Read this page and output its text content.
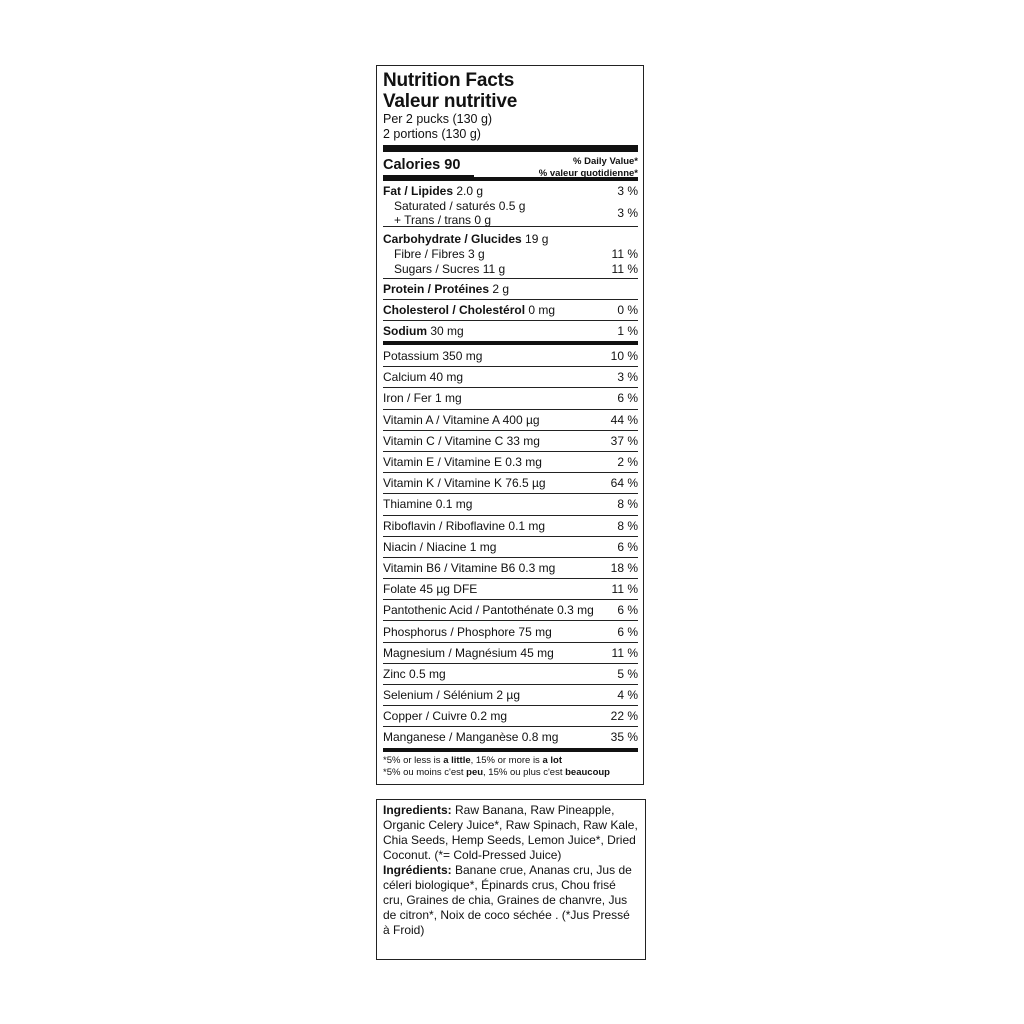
Nutrition Facts
Valeur nutritive
Per 2 pucks (130 g)
2 portions (130 g)
Calories 90	% Daily Value*
% valeur quotidienne*
Fat / Lipides 2.0 g	3 %
Saturated / saturés 0.5 g
+ Trans / trans 0 g	3 %
Carbohydrate / Glucides 19 g
Fibre / Fibres 3 g	11 %
Sugars / Sucres 11 g	11 %
Protein / Protéines 2 g
Cholesterol / Cholestérol 0 mg	0 %
Sodium 30 mg	1 %
Potassium 350 mg	10 %
Calcium 40 mg	3 %
Iron / Fer 1 mg	6 %
Vitamin A / Vitamine A 400 µg	44 %
Vitamin C / Vitamine C 33 mg	37 %
Vitamin E / Vitamine E 0.3 mg	2 %
Vitamin K / Vitamine K 76.5 µg	64 %
Thiamine 0.1 mg	8 %
Riboflavin / Riboflavine 0.1 mg	8 %
Niacin / Niacine 1 mg	6 %
Vitamin B6 / Vitamine B6 0.3 mg	18 %
Folate 45 µg DFE	11 %
Pantothenic Acid / Pantothénate 0.3 mg 6 %
Phosphorus / Phosphore 75 mg	6 %
Magnesium / Magnésium 45 mg	11 %
Zinc 0.5 mg	5 %
Selenium / Sélénium 2 µg	4 %
Copper / Cuivre 0.2 mg	22 %
Manganese / Manganèse 0.8 mg	35 %
*5% or less is a little, 15% or more is a lot
*5% ou moins c'est peu, 15% ou plus c'est beaucoup

Ingredients: Raw Banana, Raw Pineapple, Organic Celery Juice*, Raw Spinach, Raw Kale, Chia Seeds, Hemp Seeds, Lemon Juice*, Dried Coconut. (*= Cold-Pressed Juice)

Ingrédients: Banane crue, Ananas cru, Jus de céleri biologique*, Épinards crus, Chou frisé cru, Graines de chia, Graines de chanvre, Jus de citron*, Noix de coco séchée . (*Jus Pressé à Froid)
